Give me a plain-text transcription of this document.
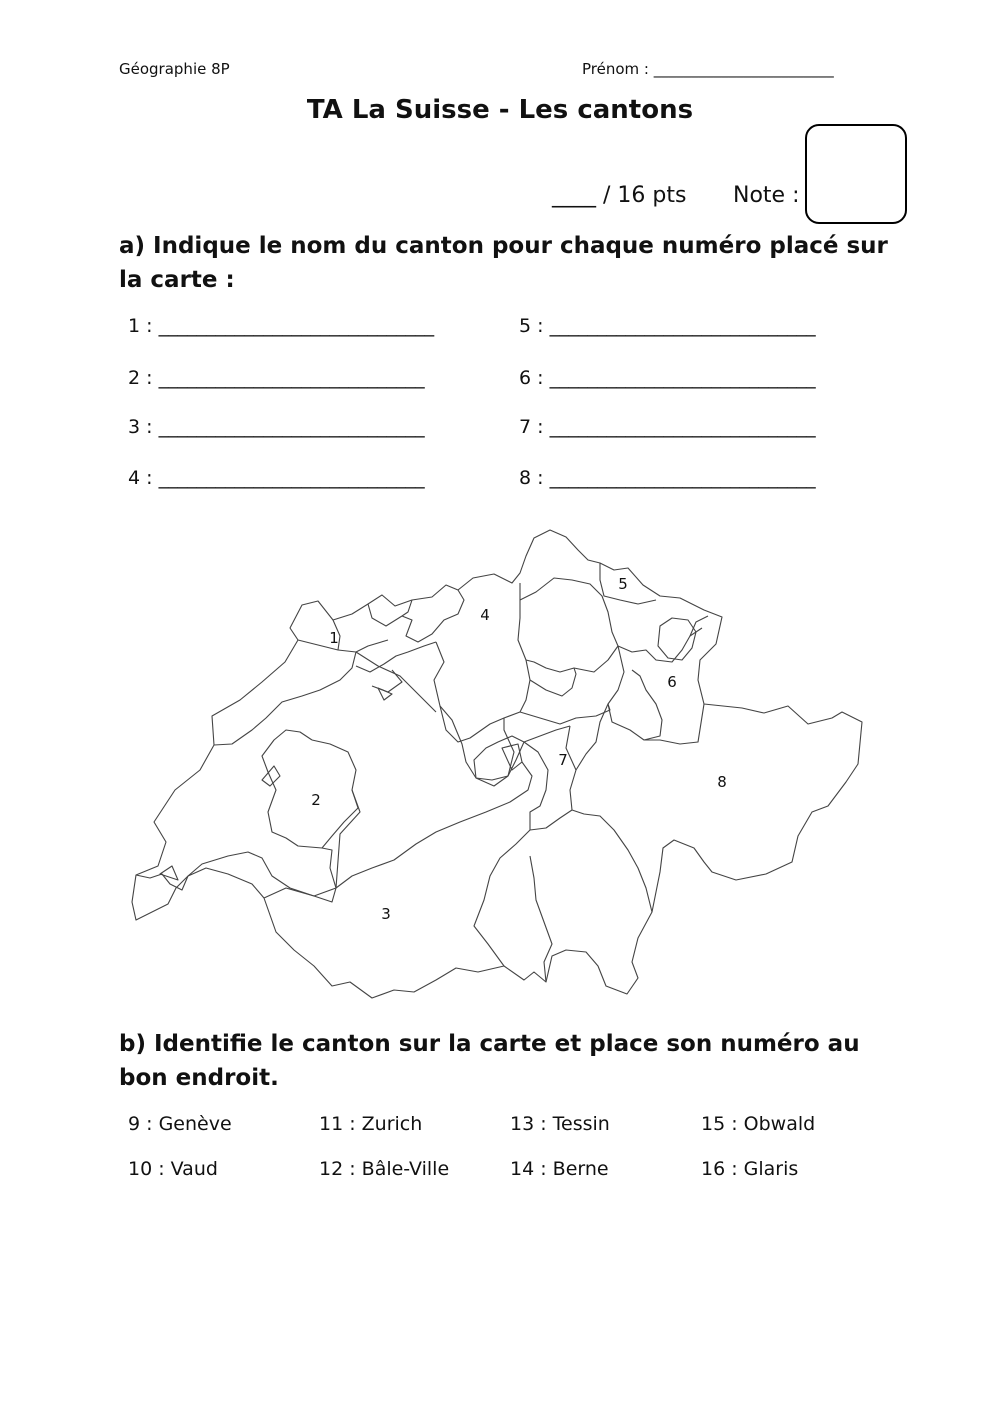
Géographie 8P	Prénom : ________________________
TA La Suisse - Les cantons
____ / 16 pts Note :
a) Indique le nom du canton pour chaque numéro placé sur la carte :
1 : _____________________________
2 : ____________________________
3 : ____________________________
4 : ____________________________
5 : ____________________________
6 : ____________________________
7 : ____________________________
8 : ____________________________
1
2
3
4
5
6
7
8
b) Identifie le canton sur la carte et place son numéro au bon endroit.
9 : Genève
10 : Vaud
11 : Zurich
12 : Bâle-Ville
13 : Tessin
14 : Berne
15 : Obwald
16 : Glaris
